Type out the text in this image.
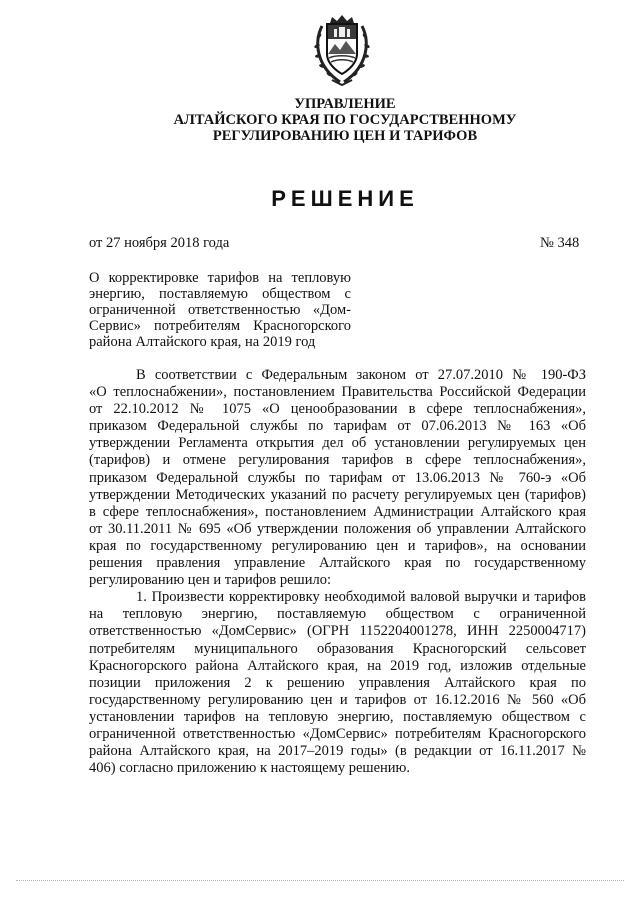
УПРАВЛЕНИЕ
АЛТАЙСКОГО КРАЯ ПО ГОСУДАРСТВЕННОМУ
РЕГУЛИРОВАНИЮ ЦЕН И ТАРИФОВ
РЕШЕНИЕ
от 27 ноября 2018 года	№ 348
О корректировке тарифов на тепловую
энергию, поставляемую обществом с
ограниченной ответственностью «Дом-
Сервис» потребителям Красногорского
района Алтайского края, на 2019 год
В соответствии с Федеральным законом от 27.07.2010 № 190-ФЗ
«О теплоснабжении», постановлением Правительства Российской Федерации
от 22.10.2012 № 1075 «О ценообразовании в сфере теплоснабжения»,
приказом Федеральной службы по тарифам от 07.06.2013 № 163 «Об
утверждении Регламента открытия дел об установлении регулируемых цен
(тарифов) и отмене регулирования тарифов в сфере теплоснабжения»,
приказом Федеральной службы по тарифам от 13.06.2013 № 760-э «Об
утверждении Методических указаний по расчету регулируемых цен (тарифов)
в сфере теплоснабжения», постановлением Администрации Алтайского края
от 30.11.2011 № 695 «Об утверждении положения об управлении Алтайского
края по государственному регулированию цен и тарифов», на основании
решения правления управление Алтайского края по государственному
регулированию цен и тарифов решило:
1. Произвести корректировку необходимой валовой выручки и тарифов
на тепловую энергию, поставляемую обществом с ограниченной
ответственностью «ДомСервис» (ОГРН 1152204001278, ИНН 2250004717)
потребителям муниципального образования Красногорский сельсовет
Красногорского района Алтайского края, на 2019 год, изложив отдельные
позиции приложения 2 к решению управления Алтайского края по
государственному регулированию цен и тарифов от 16.12.2016 № 560 «Об
установлении тарифов на тепловую энергию, поставляемую обществом с
ограниченной ответственностью «ДомСервис» потребителям Красногорского
района Алтайского края, на 2017–2019 годы» (в редакции от 16.11.2017 №
406) согласно приложению к настоящему решению.
